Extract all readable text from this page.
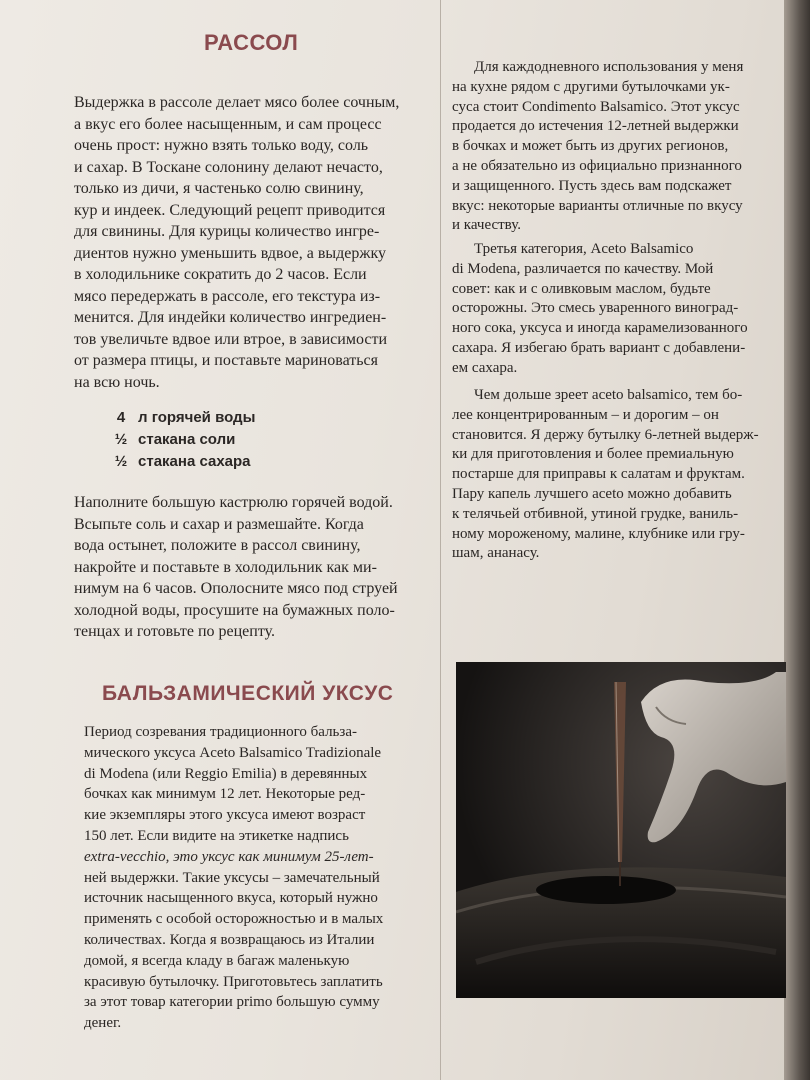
РАССОЛ

Выдержка в рассоле делает мясо более сочным,
а вкус его более насыщенным, и сам процесс
очень прост: нужно взять только воду, соль
и сахар. В Тоскане солонину делают нечасто,
только из дичи, я частенько солю свинину,
кур и индеек. Следующий рецепт приводится
для свинины. Для курицы количество ингре-
диентов нужно уменьшить вдвое, а выдержку
в холодильнике сократить до 2 часов. Если
мясо передержать в рассоле, его текстура из-
менится. Для индейки количество ингредиен-
тов увеличьте вдвое или втрое, в зависимости
от размера птицы, и поставьте мариноваться
на всю ночь.

4 л горячей воды
½ стакана соли
½ стакана сахара

Наполните большую кастрюлю горячей водой.
Всыпьте соль и сахар и размешайте. Когда
вода остынет, положите в рассол свинину,
накройте и поставьте в холодильник как ми-
нимум на 6 часов. Ополосните мясо под струей
холодной воды, просушите на бумажных поло-
тенцах и готовьте по рецепту.

БАЛЬЗАМИЧЕСКИЙ УКСУС

Период созревания традиционного бальза-
мического уксуса Aceto Balsamico Tradizionale
di Modena (или Reggio Emilia) в деревянных
бочках как минимум 12 лет. Некоторые ред-
кие экземпляры этого уксуса имеют возраст
150 лет. Если видите на этикетке надпись
extra-vecchio, это уксус как минимум 25-лет-
ней выдержки. Такие уксусы – замечательный
источник насыщенного вкуса, который нужно
применять с особой осторожностью и в малых
количествах. Когда я возвращаюсь из Италии
домой, я всегда кладу в багаж маленькую
красивую бутылочку. Приготовьтесь заплатить
за этот товар категории primo большую сумму
денег.

Для каждодневного использования у меня
на кухне рядом с другими бутылочками ук-
суса стоит Condimento Balsamico. Этот уксус
продается до истечения 12-летней выдержки
в бочках и может быть из других регионов,
а не обязательно из официально признанного
и защищенного. Пусть здесь вам подскажет
вкус: некоторые варианты отличные по вкусу
и качеству.

Третья категория, Aceto Balsamico
di Modena, различается по качеству. Мой
совет: как и с оливковым маслом, будьте
осторожны. Это смесь уваренного виноград-
ного сока, уксуса и иногда карамелизованного
сахара. Я избегаю брать вариант с добавлени-
ем сахара.

Чем дольше зреет aceto balsamico, тем бо-
лее концентрированным – и дорогим – он
становится. Я держу бутылку 6-летней выдерж-
ки для приготовления и более премиальную
постарше для приправы к салатам и фруктам.
Пару капель лучшего aceto можно добавить
к телячьей отбивной, утиной грудке, ваниль-
ному мороженому, малине, клубнике или гру-
шам, ананасу.
